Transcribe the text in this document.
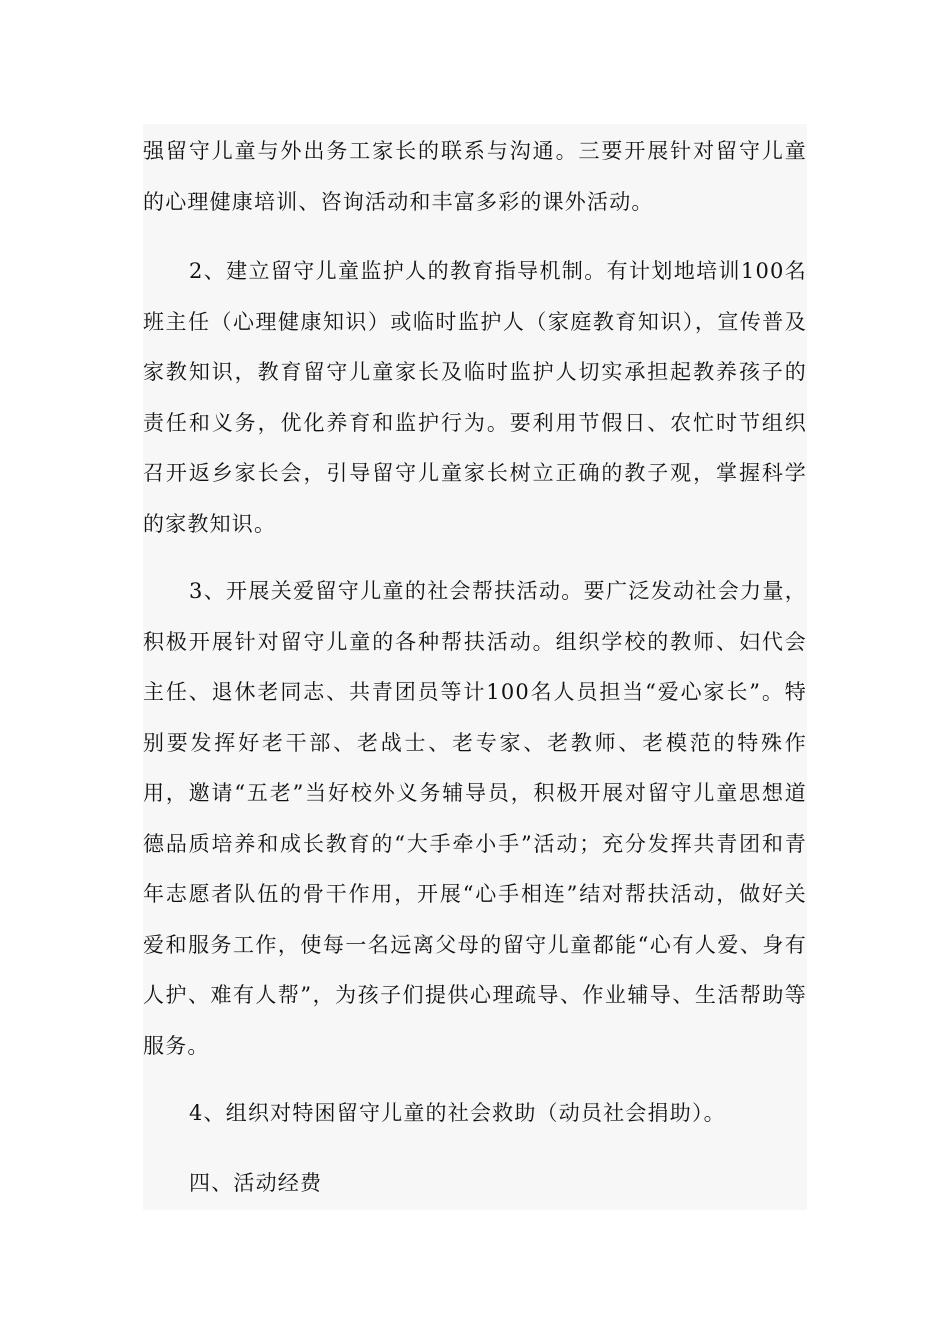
强留守儿童与外出务工家长的联系与沟通。三要开展针对留守儿童的心理健康培训、咨询活动和丰富多彩的课外活动。

2、建立留守儿童监护人的教育指导机制。有计划地培训100名班主任（心理健康知识）或临时监护人（家庭教育知识），宣传普及家教知识，教育留守儿童家长及临时监护人切实承担起教养孩子的责任和义务，优化养育和监护行为。要利用节假日、农忙时节组织召开返乡家长会，引导留守儿童家长树立正确的教子观，掌握科学的家教知识。

3、开展关爱留守儿童的社会帮扶活动。要广泛发动社会力量，积极开展针对留守儿童的各种帮扶活动。组织学校的教师、妇代会主任、退休老同志、共青团员等计100名人员担当“爱心家长”。特别要发挥好老干部、老战士、老专家、老教师、老模范的特殊作用，邀请“五老”当好校外义务辅导员，积极开展对留守儿童思想道德品质培养和成长教育的“大手牵小手”活动；充分发挥共青团和青年志愿者队伍的骨干作用，开展“心手相连”结对帮扶活动，做好关爱和服务工作，使每一名远离父母的留守儿童都能“心有人爱、身有人护、难有人帮”，为孩子们提供心理疏导、作业辅导、生活帮助等服务。

4、组织对特困留守儿童的社会救助（动员社会捐助）。

四、活动经费
